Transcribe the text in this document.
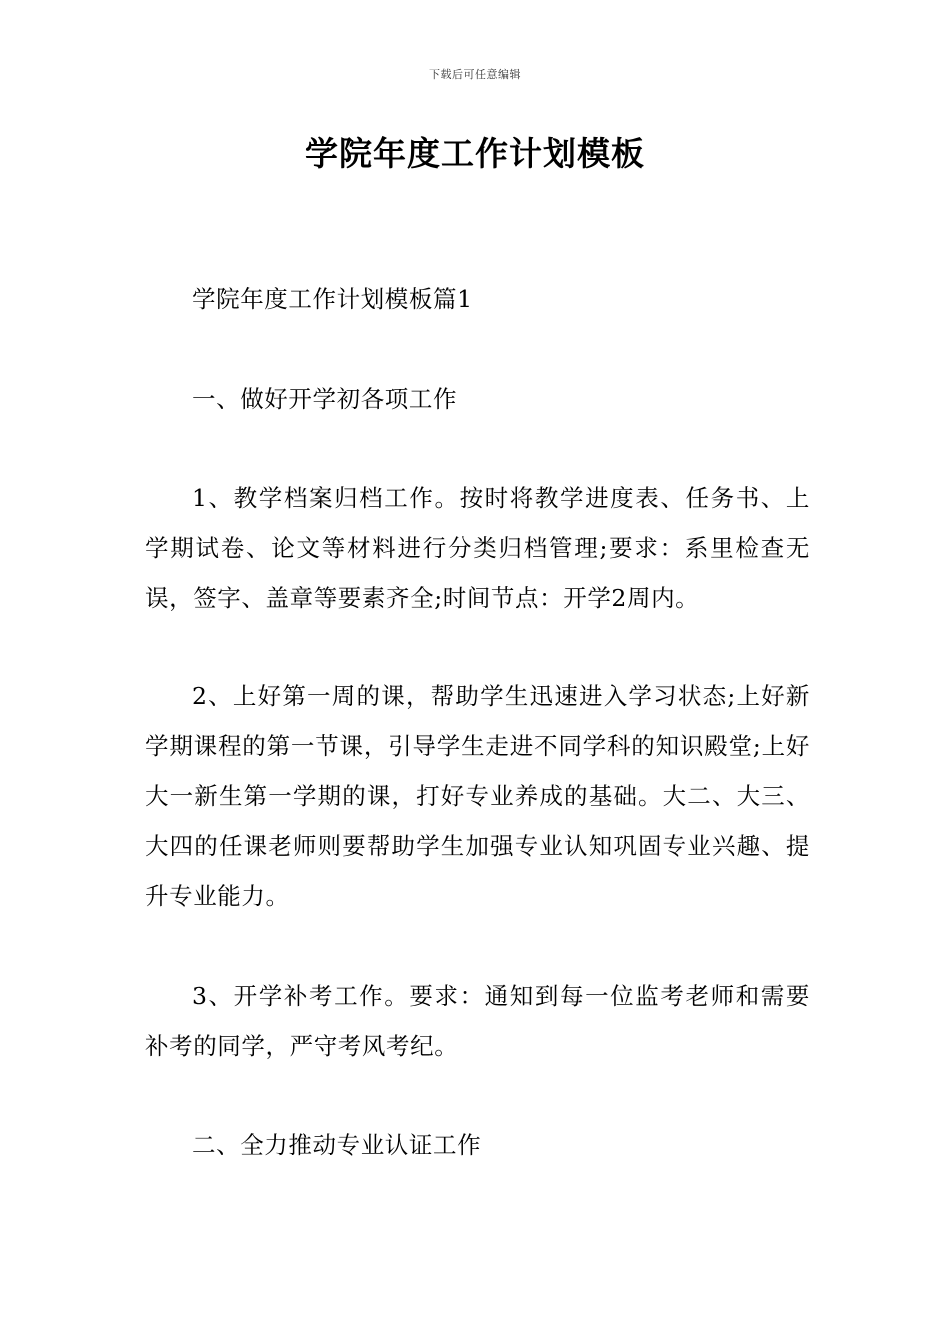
下载后可任意编辑
学院年度工作计划模板

学院年度工作计划模板篇1

一、做好开学初各项工作

1、教学档案归档工作。按时将教学进度表、任务书、上学期试卷、论文等材料进行分类归档管理;要求：系里检查无误，签字、盖章等要素齐全;时间节点：开学2周内。

2、上好第一周的课，帮助学生迅速进入学习状态;上好新学期课程的第一节课，引导学生走进不同学科的知识殿堂;上好大一新生第一学期的课，打好专业养成的基础。大二、大三、大四的任课老师则要帮助学生加强专业认知巩固专业兴趣、提升专业能力。

3、开学补考工作。要求：通知到每一位监考老师和需要补考的同学，严守考风考纪。

二、全力推动专业认证工作
